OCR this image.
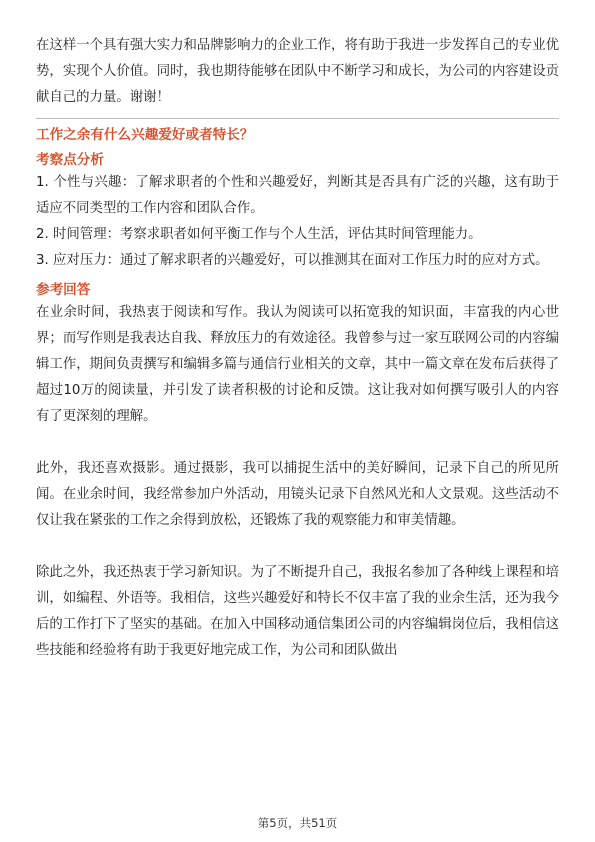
在这样一个具有强大实力和品牌影响力的企业工作，将有助于我进一步发挥自己的专业优势，实现个人价值。同时，我也期待能够在团队中不断学习和成长，为公司的内容建设贡献自己的力量。谢谢！

工作之余有什么兴趣爱好或者特长？
考察点分析

1. 个性与兴趣：了解求职者的个性和兴趣爱好，判断其是否具有广泛的兴趣，这有助于适应不同类型的工作内容和团队合作。

2. 时间管理：考察求职者如何平衡工作与个人生活，评估其时间管理能力。

3. 应对压力：通过了解求职者的兴趣爱好，可以推测其在面对工作压力时的应对方式。

参考回答

在业余时间，我热衷于阅读和写作。我认为阅读可以拓宽我的知识面，丰富我的内心世界；而写作则是我表达自我、释放压力的有效途径。我曾参与过一家互联网公司的内容编辑工作，期间负责撰写和编辑多篇与通信行业相关的文章，其中一篇文章在发布后获得了超过10万的阅读量，并引发了读者积极的讨论和反馈。这让我对如何撰写吸引人的内容有了更深刻的理解。

此外，我还喜欢摄影。通过摄影，我可以捕捉生活中的美好瞬间，记录下自己的所见所闻。在业余时间，我经常参加户外活动，用镜头记录下自然风光和人文景观。这些活动不仅让我在紧张的工作之余得到放松，还锻炼了我的观察能力和审美情趣。

除此之外，我还热衷于学习新知识。为了不断提升自己，我报名参加了各种线上课程和培训，如编程、外语等。我相信，这些兴趣爱好和特长不仅丰富了我的业余生活，还为我今后的工作打下了坚实的基础。在加入中国移动通信集团公司的内容编辑岗位后，我相信这些技能和经验将有助于我更好地完成工作，为公司和团队做出

第5页，共51页
